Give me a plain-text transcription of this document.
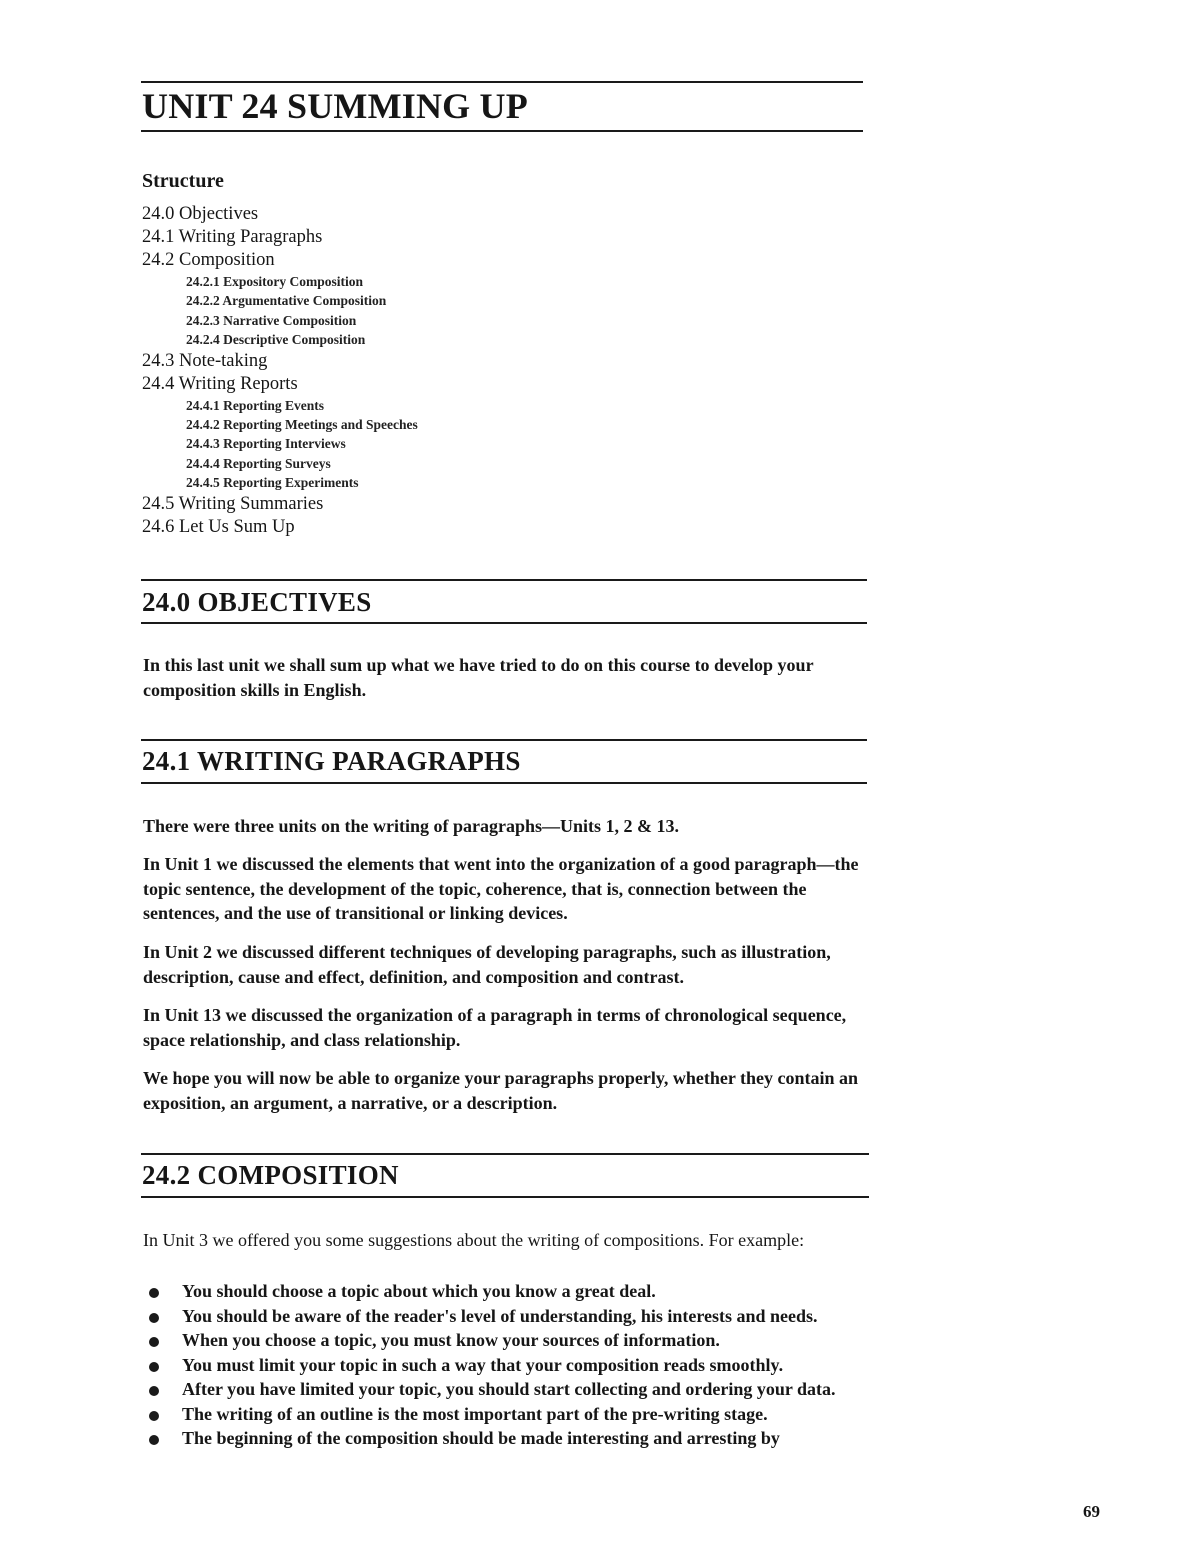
UNIT 24 SUMMING UP
Structure
24.0 Objectives
24.1 Writing Paragraphs
24.2 Composition
24.2.1 Expository Composition
24.2.2 Argumentative Composition
24.2.3 Narrative Composition
24.2.4 Descriptive Composition
24.3 Note-taking
24.4 Writing Reports
24.4.1 Reporting Events
24.4.2 Reporting Meetings and Speeches
24.4.3 Reporting Interviews
24.4.4 Reporting Surveys
24.4.5 Reporting Experiments
24.5 Writing Summaries
24.6 Let Us Sum Up
24.0 OBJECTIVES

In this last unit we shall sum up what we have tried to do on this course to develop your composition skills in English.

24.1 WRITING PARAGRAPHS

There were three units on the writing of paragraphs—Units 1, 2 & 13.

In Unit 1 we discussed the elements that went into the organization of a good paragraph—the topic sentence, the development of the topic, coherence, that is, connection between the sentences, and the use of transitional or linking devices.

In Unit 2 we discussed different techniques of developing paragraphs, such as illustration, description, cause and effect, definition, and composition and contrast.

In Unit 13 we discussed the organization of a paragraph in terms of chronological sequence, space relationship, and class relationship.

We hope you will now be able to organize your paragraphs properly, whether they contain an exposition, an argument, a narrative, or a description.

24.2 COMPOSITION

In Unit 3 we offered you some suggestions about the writing of compositions. For example:

You should choose a topic about which you know a great deal.
You should be aware of the reader's level of understanding, his interests and needs.
When you choose a topic, you must know your sources of information.
You must limit your topic in such a way that your composition reads smoothly.
After you have limited your topic, you should start collecting and ordering your data.
The writing of an outline is the most important part of the pre-writing stage.
The beginning of the composition should be made interesting and arresting by
69
